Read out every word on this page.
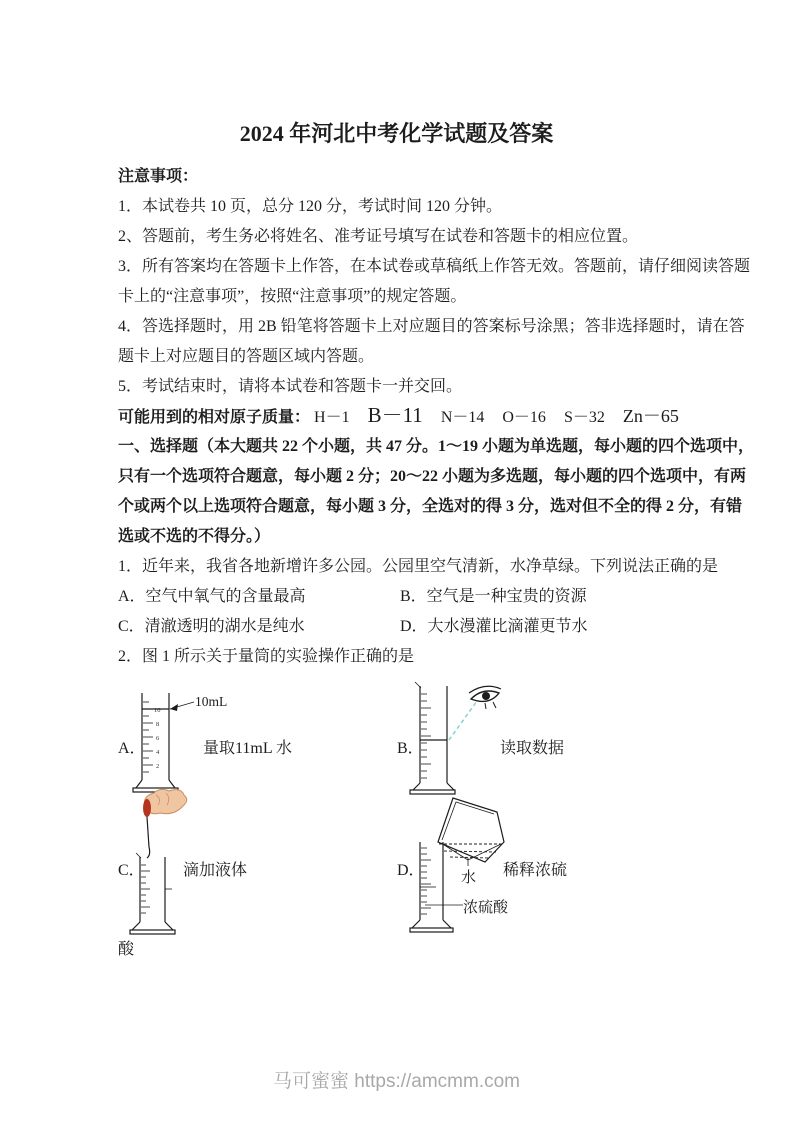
2024 年河北中考化学试题及答案
注意事项：
1．本试卷共 10 页，总分 120 分，考试时间 120 分钟。
2、答题前，考生务必将姓名、准考证号填写在试卷和答题卡的相应位置。
3．所有答案均在答题卡上作答，在本试卷或草稿纸上作答无效。答题前，请仔细阅读答题
卡上的“注意事项”，按照“注意事项”的规定答题。
4．答选择题时，用 2B 铅笔将答题卡上对应题目的答案标号涂黑；答非选择题时，请在答
题卡上对应题目的答题区域内答题。
5．考试结束时，请将本试卷和答题卡一并交回。
可能用到的相对原子质量： H－1 B－11 N－14 O－16 S－32 Zn－65
一、选择题（本大题共 22 个小题，共 47 分。1～19 小题为单选题，每小题的四个选项中，
只有一个选项符合题意，每小题 2 分；20～22 小题为多选题，每小题的四个选项中，有两
个或两个以上选项符合题意，每小题 3 分，全选对的得 3 分，选对但不全的得 2 分，有错
选或不选的不得分。）
1．近年来，我省各地新增许多公园。公园里空气清新，水净草绿。下列说法正确的是
A．空气中氧气的含量最高	B．空气是一种宝贵的资源
C．清澈透明的湖水是纯水	D．大水漫灌比滴灌更节水
2．图 1 所示关于量筒的实验操作正确的是
10
8
6
4
2
10mL
A．	量取11mL 水	B．	读取数据
C． 滴加液体	D． 水 稀释浓硫
浓硫酸
酸
马可蜜蜜 https://amcmm.com
